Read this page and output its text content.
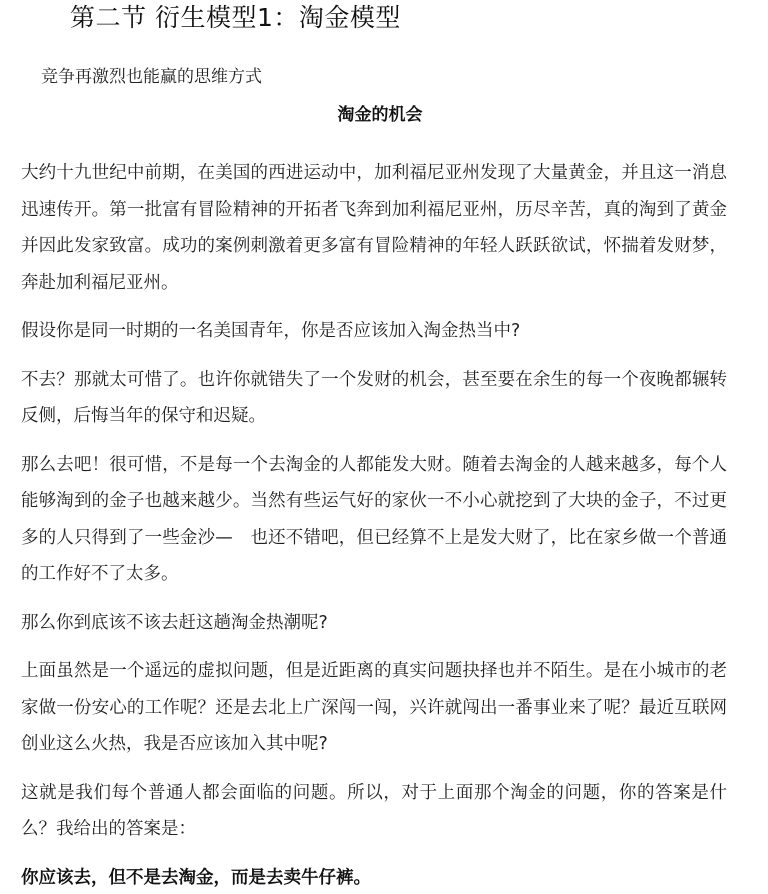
第二节 衍生模型1：淘金模型

竞争再激烈也能赢的思维方式

淘金的机会

大约十九世纪中前期，在美国的西进运动中，加利福尼亚州发现了大量黄金，并且这一消息迅速传开。第一批富有冒险精神的开拓者飞奔到加利福尼亚州，历尽辛苦，真的淘到了黄金并因此发家致富。成功的案例刺激着更多富有冒险精神的年轻人跃跃欲试，怀揣着发财梦，奔赴加利福尼亚州。

假设你是同一时期的一名美国青年，你是否应该加入淘金热当中?

不去？那就太可惜了。也许你就错失了一个发财的机会，甚至要在余生的每一个夜晚都辗转反侧，后悔当年的保守和迟疑。

那么去吧！很可惜，不是每一个去淘金的人都能发大财。随着去淘金的人越来越多，每个人能够淘到的金子也越来越少。当然有些运气好的家伙一不小心就挖到了大块的金子，不过更多的人只得到了一些金沙—　也还不错吧，但已经算不上是发大财了，比在家乡做一个普通的工作好不了太多。

那么你到底该不该去赶这趟淘金热潮呢?

上面虽然是一个遥远的虚拟问题，但是近距离的真实问题抉择也并不陌生。是在小城市的老家做一份安心的工作呢？还是去北上广深闯一闯，兴许就闯出一番事业来了呢？最近互联网创业这么火热，我是否应该加入其中呢?

这就是我们每个普通人都会面临的问题。所以，对于上面那个淘金的问题，你的答案是什么？我给出的答案是：

你应该去，但不是去淘金，而是去卖牛仔裤。
